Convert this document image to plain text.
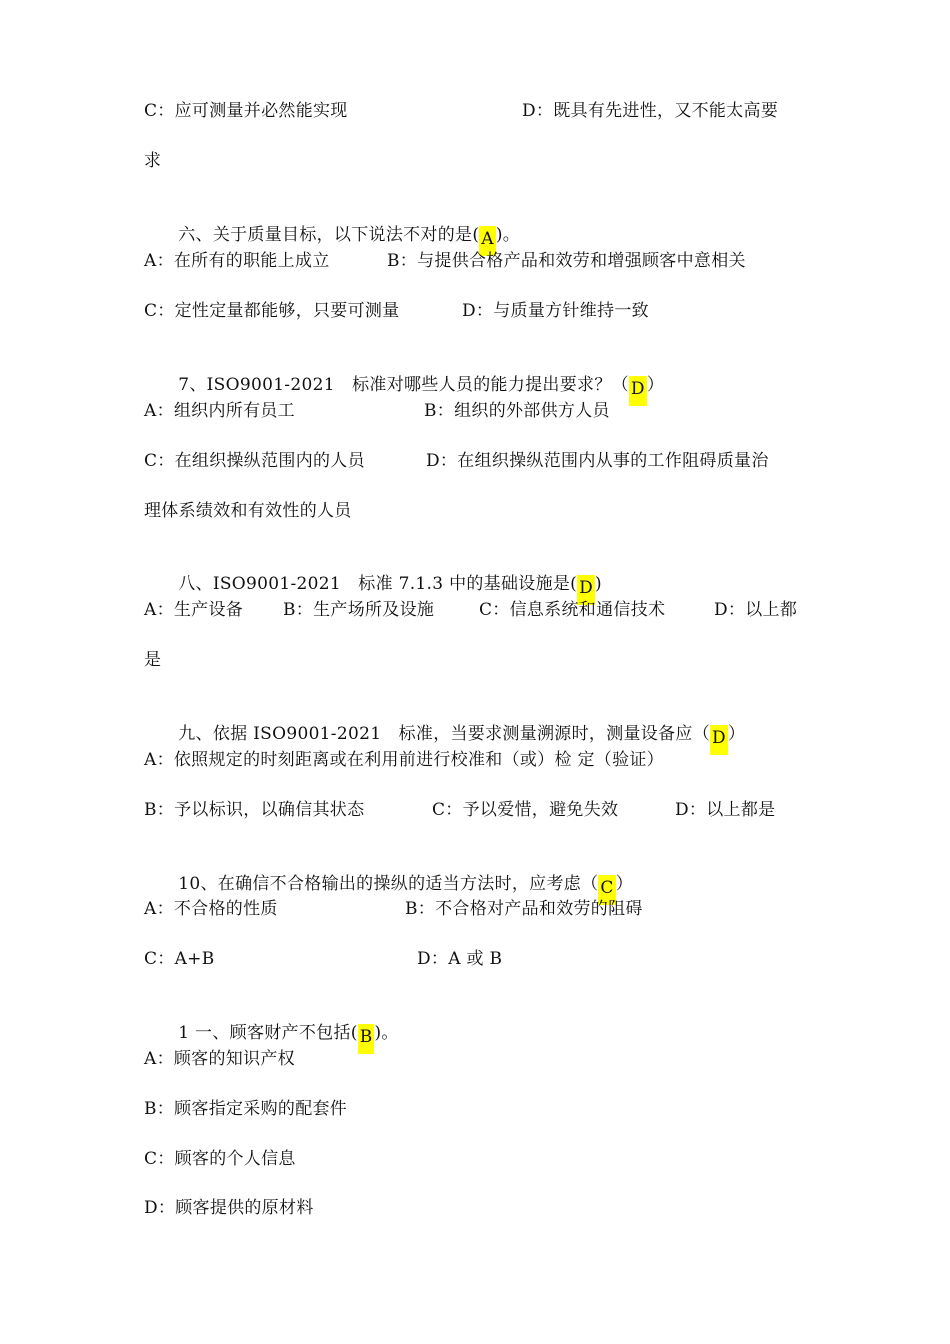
C：应可测量并必然能实现

	D：既具有先进性，又不能太高要

求

六、关于质量目标，以下说法不对的是( A )。

A：在所有的职能上成立

	B：与提供合格产品和效劳和增强顾客中意相关

C：定性定量都能够，只要可测量

	D：与质量方针维持一致

7、ISO9001-2021　标准对哪些人员的能力提出要求？（ D ）

A：组织内所有员工

	B：组织的外部供方人员

C：在组织操纵范围内的人员

	D：在组织操纵范围内从事的工作阻碍质量治

理体系绩效和有效性的人员

八、ISO9001-2021　标准 7.1.3 中的基础设施是( D )

A：生产设备

B：生产场所及设施

	C：信息系统和通信技术

	D：以上都

是

九、依据 ISO9001-2021　标准，当要求测量溯源时，测量设备应（ D ）

A：依照规定的时刻距离或在利用前进行校准和（或）检 定（验证）

B：予以标识，以确信其状态

	C：予以爱惜，避免失效

	D：以上都是

10、在确信不合格输出的操纵的适当方法时，应考虑（ C ）

A：不合格的性质

	B：不合格对产品和效劳的阻碍

C：A+B

	D：A 或 B

1 一、顾客财产不包括( B )。

A：顾客的知识产权

B：顾客指定采购的配套件

C：顾客的个人信息

D：顾客提供的原材料
